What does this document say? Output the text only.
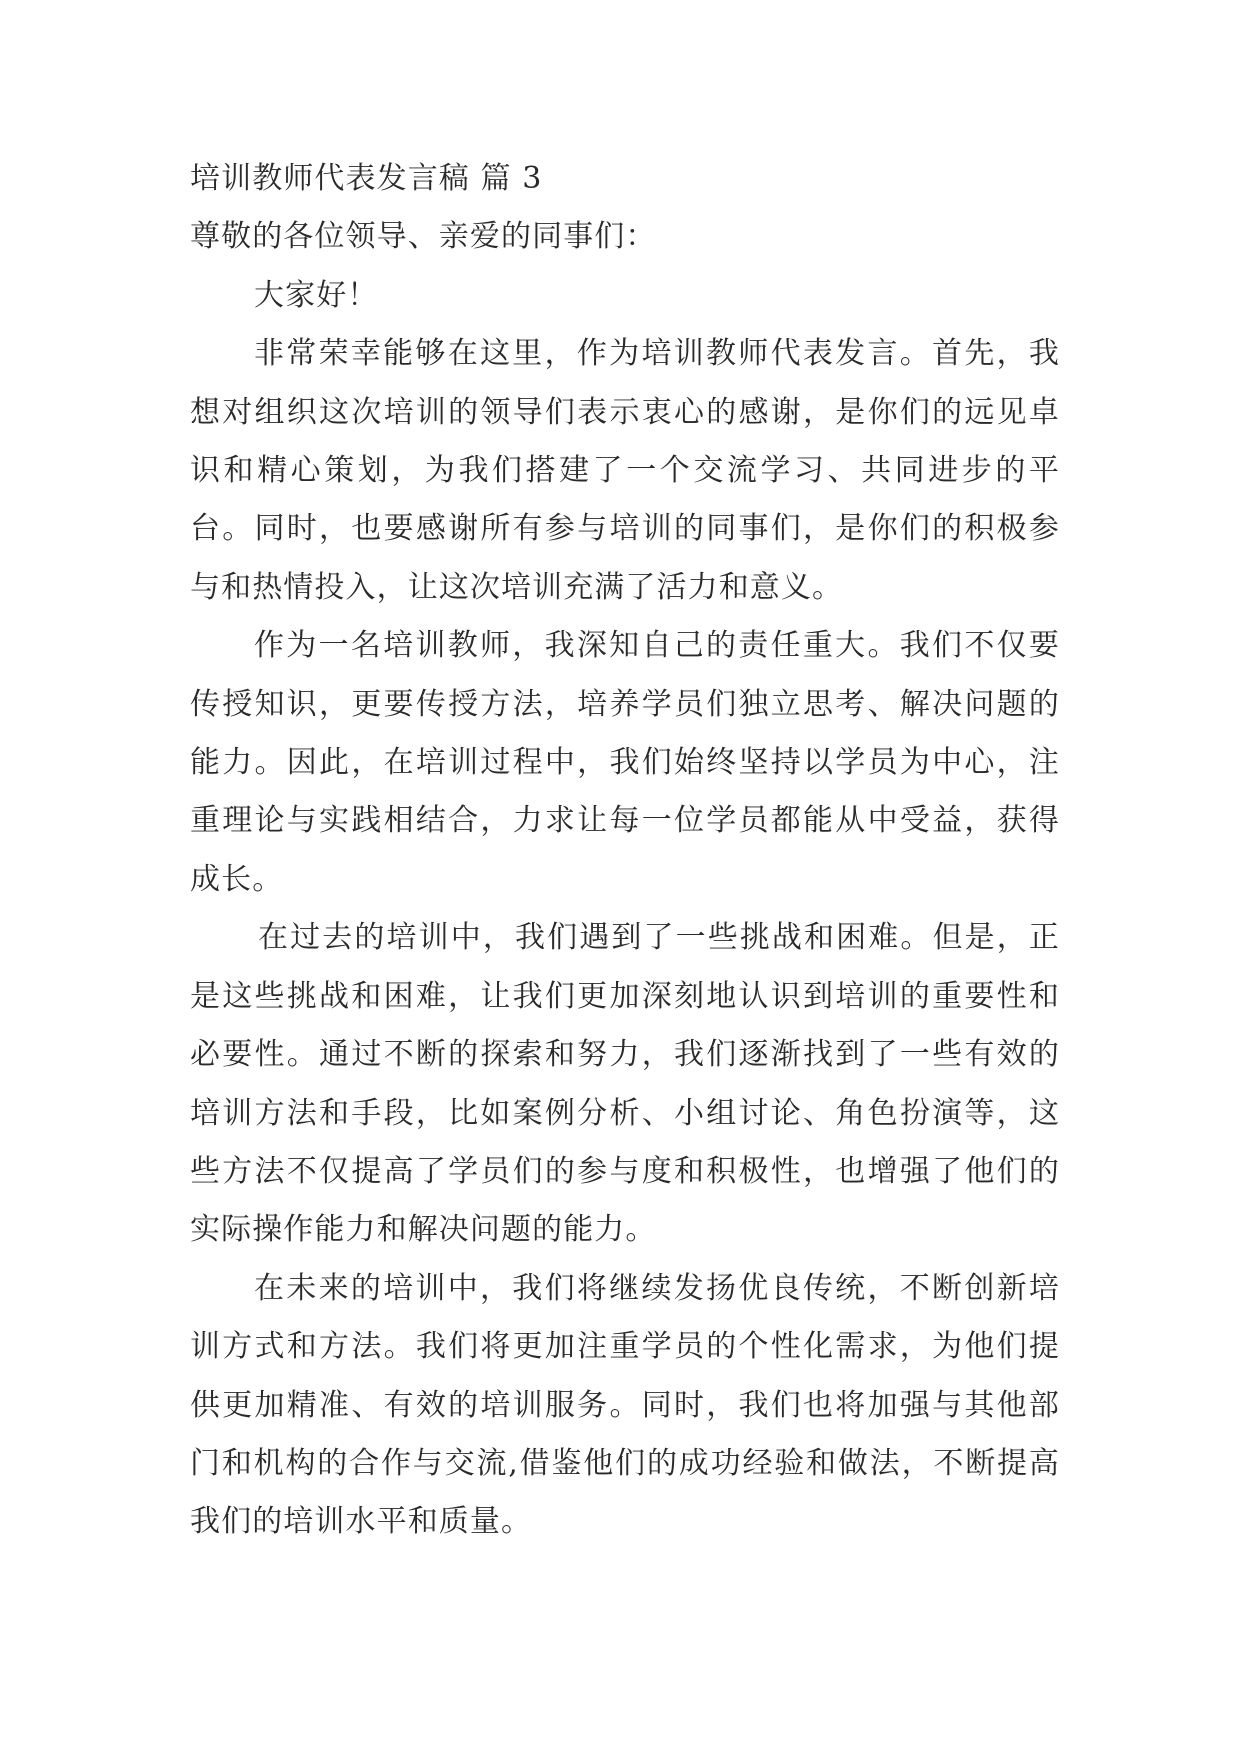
培训教师代表发言稿 篇 3

尊敬的各位领导、亲爱的同事们：

大家好！

非常荣幸能够在这里，作为培训教师代表发言。首先，我想对组织这次培训的领导们表示衷心的感谢，是你们的远见卓识和精心策划，为我们搭建了一个交流学习、共同进步的平台。同时，也要感谢所有参与培训的同事们，是你们的积极参与和热情投入，让这次培训充满了活力和意义。

作为一名培训教师，我深知自己的责任重大。我们不仅要传授知识，更要传授方法，培养学员们独立思考、解决问题的能力。因此，在培训过程中，我们始终坚持以学员为中心，注重理论与实践相结合，力求让每一位学员都能从中受益，获得成长。

在过去的培训中，我们遇到了一些挑战和困难。但是，正是这些挑战和困难，让我们更加深刻地认识到培训的重要性和必要性。通过不断的探索和努力，我们逐渐找到了一些有效的培训方法和手段，比如案例分析、小组讨论、角色扮演等，这些方法不仅提高了学员们的参与度和积极性，也增强了他们的实际操作能力和解决问题的能力。

在未来的培训中，我们将继续发扬优良传统，不断创新培训方式和方法。我们将更加注重学员的个性化需求，为他们提供更加精准、有效的培训服务。同时，我们也将加强与其他部门和机构的合作与交流,借鉴他们的成功经验和做法，不断提高我们的培训水平和质量。
